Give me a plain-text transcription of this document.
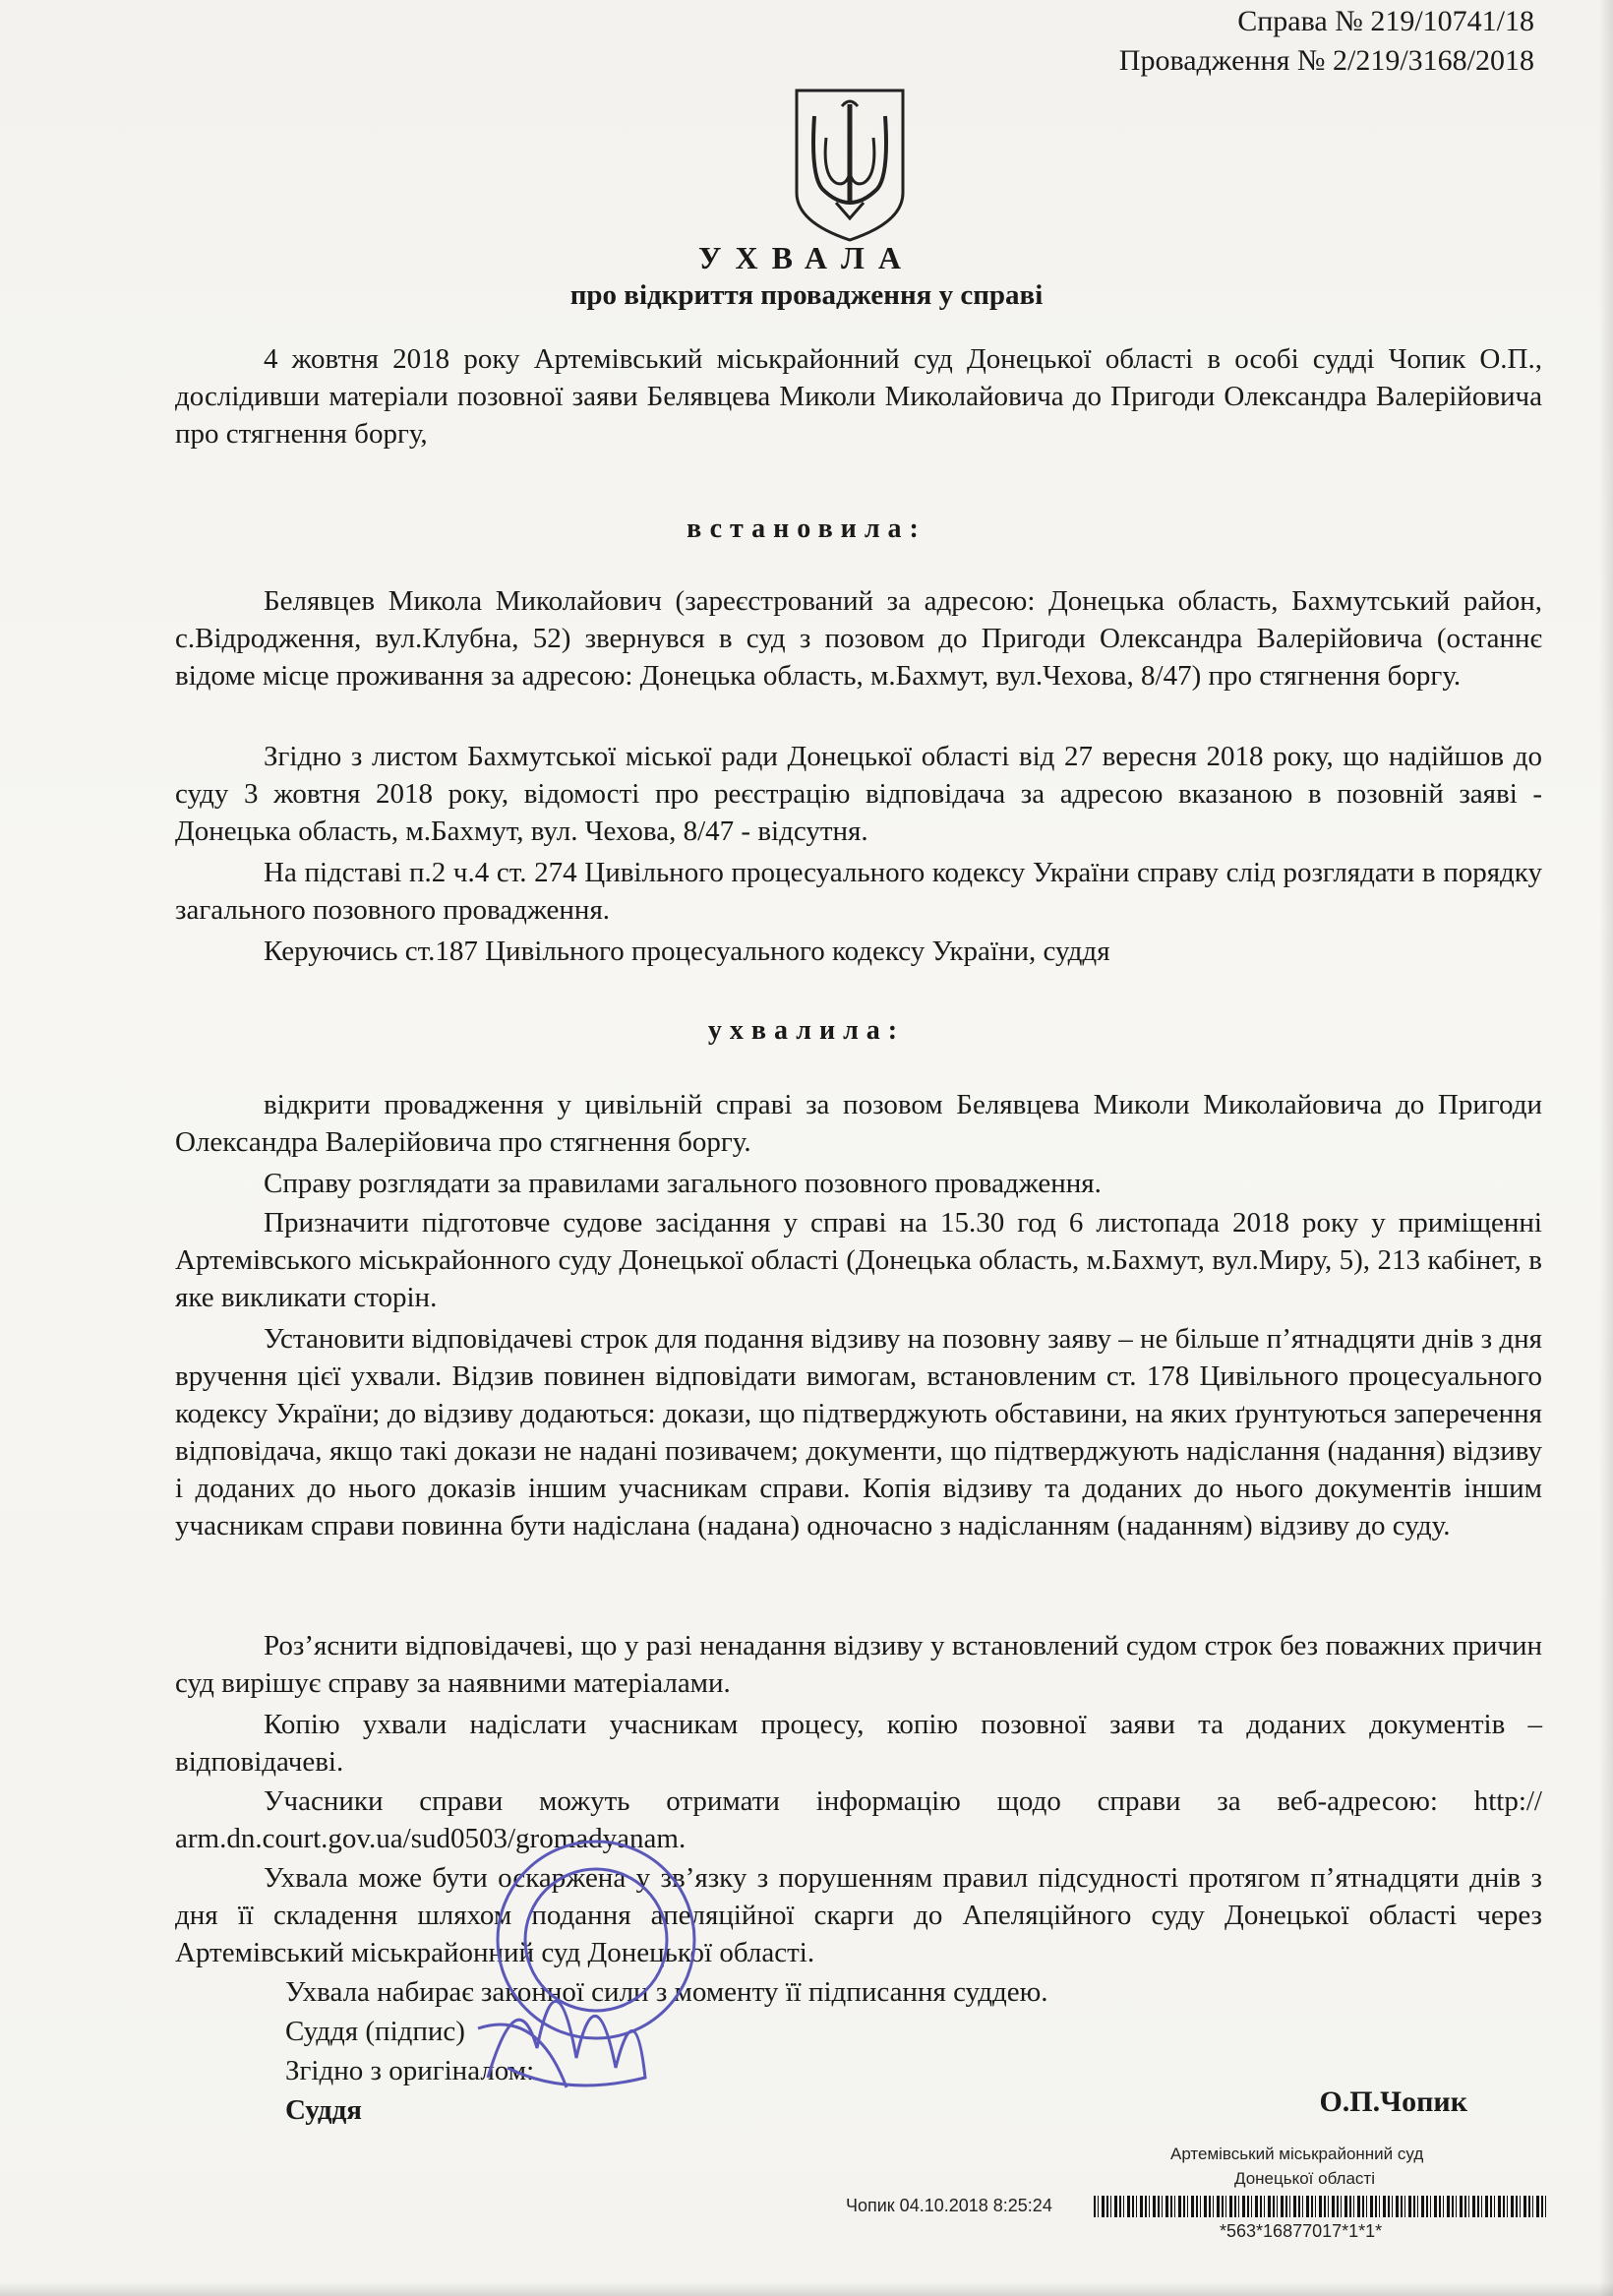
Справа № 219/10741/18
Провадження № 2/219/3168/2018
УХВАЛА
про відкриття провадження у справі

4 жовтня 2018 року Артемівський міськрайонний суд Донецької області в особі судді Чопик О.П., дослідивши матеріали позовної заяви Белявцева Миколи Миколайовича до Пригоди Олександра Валерійовича про стягнення боргу,

встановила:

Белявцев Микола Миколайович (зареєстрований за адресою: Донецька область, Бахмутський район, с.Відродження, вул.Клубна, 52) звернувся в суд з позовом до Пригоди Олександра Валерійовича (останнє відоме місце проживання за адресою: Донецька область, м.Бахмут, вул.Чехова, 8/47) про стягнення боргу.

Згідно з листом Бахмутської міської ради Донецької області від 27 вересня 2018 року, що надійшов до суду 3 жовтня 2018 року, відомості про реєстрацію відповідача за адресою вказаною в позовній заяві - Донецька область, м.Бахмут, вул. Чехова, 8/47 - відсутня.

На підставі п.2 ч.4 ст. 274 Цивільного процесуального кодексу України справу слід розглядати в порядку загального позовного провадження.

Керуючись ст.187 Цивільного процесуального кодексу України, суддя

ухвалила:

відкрити провадження у цивільній справі за позовом Белявцева Миколи Миколайовича до Пригоди Олександра Валерійовича про стягнення боргу.

Справу розглядати за правилами загального позовного провадження.

Призначити підготовче судове засідання у справі на 15.30 год 6 листопада 2018 року у приміщенні Артемівського міськрайонного суду Донецької області (Донецька область, м.Бахмут, вул.Миру, 5), 213 кабінет, в яке викликати сторін.

Установити відповідачеві строк для подання відзиву на позовну заяву – не більше п’ятнадцяти днів з дня вручення цієї ухвали. Відзив повинен відповідати вимогам, встановленим ст. 178 Цивільного процесуального кодексу України; до відзиву додаються: докази, що підтверджують обставини, на яких ґрунтуються заперечення відповідача, якщо такі докази не надані позивачем; документи, що підтверджують надіслання (надання) відзиву і доданих до нього доказів іншим учасникам справи. Копія відзиву та доданих до нього документів іншим учасникам справи повинна бути надіслана (надана) одночасно з надісланням (наданням) відзиву до суду.

Роз’яснити відповідачеві, що у разі ненадання відзиву у встановлений судом строк без поважних причин суд вирішує справу за наявними матеріалами.

Копію ухвали надіслати учасникам процесу, копію позовної заяви та доданих документів – відповідачеві.

Учасники справи можуть отримати інформацію щодо справи за веб-адресою: http:// arm.dn.court.gov.ua/sud0503/gromadyanam.

Ухвала може бути оскаржена у зв’язку з порушенням правил підсудності протягом п’ятнадцяти днів з дня її складення шляхом подання апеляційної скарги до Апеляційного суду Донецької області через Артемівський міськрайонний суд Донецької області.

Ухвала набирає законної сили з моменту її підписання суддею.
Суддя (підпис)
Згідно з оригіналом:
Суддя	О.П.Чопик
Артемівський міськрайонний суд
Донецької області
Чопик 04.10.2018 8:25:24
*563*16877017*1*1*
